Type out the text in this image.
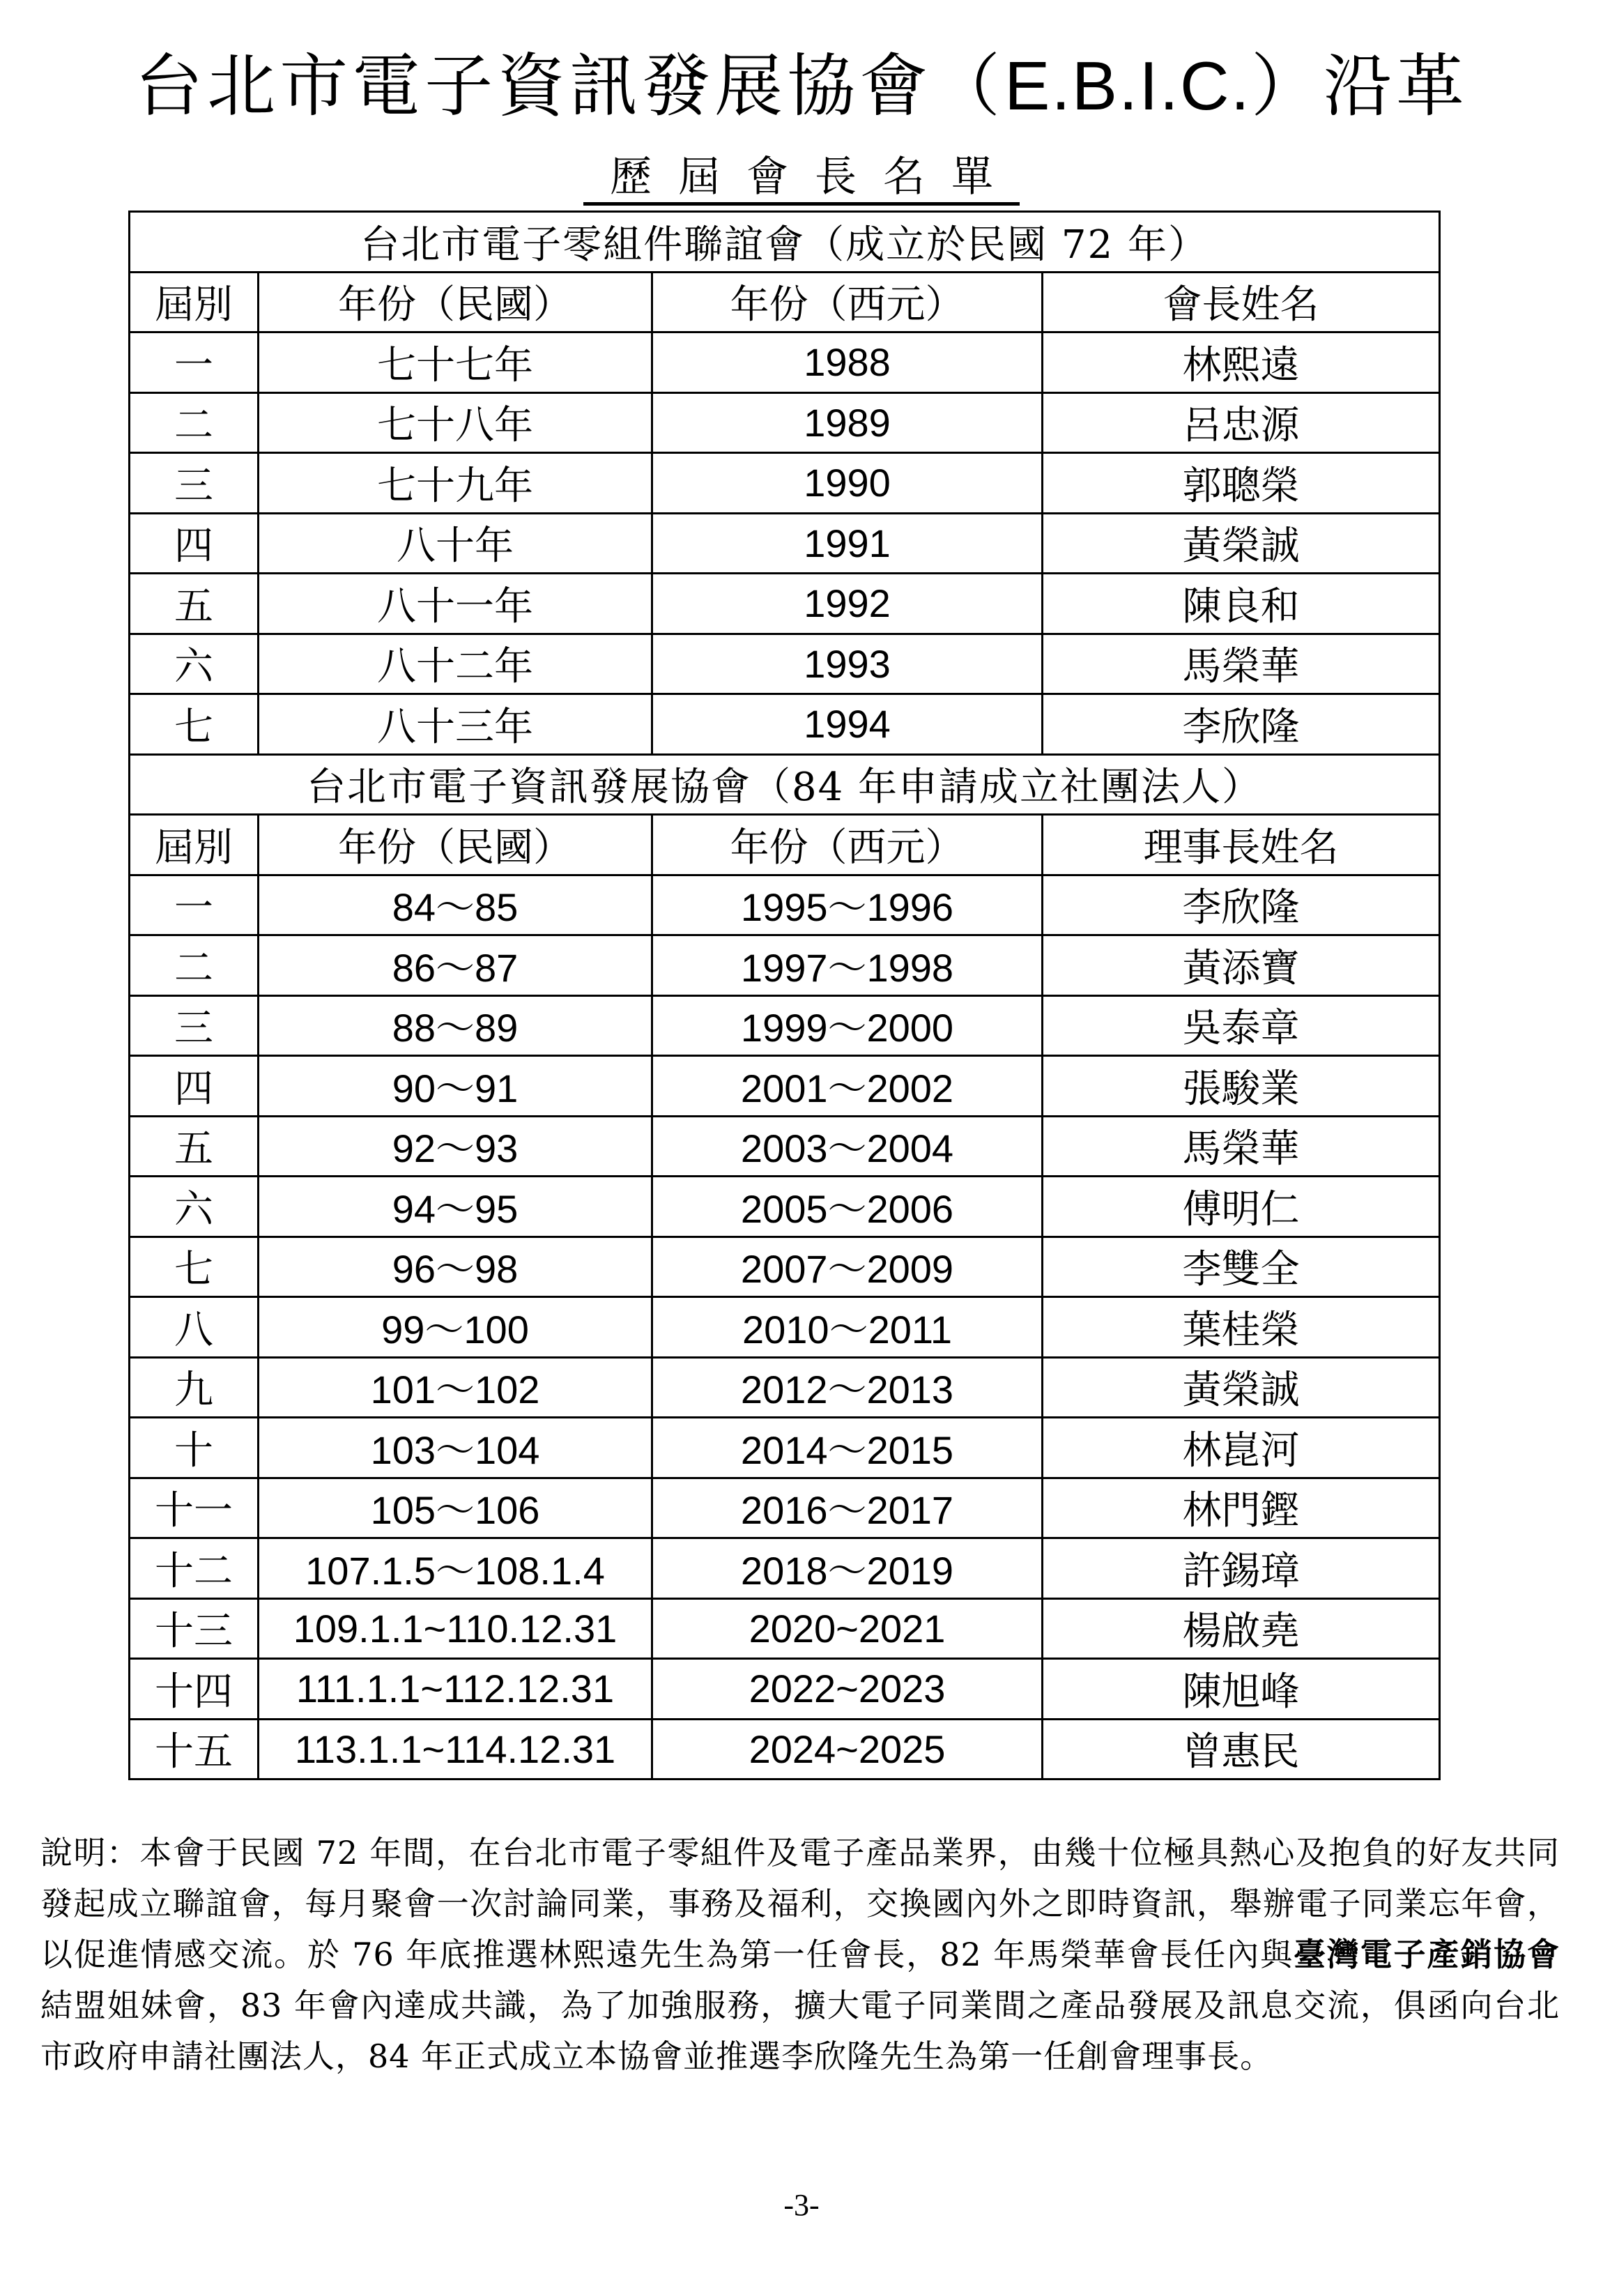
台北市電子資訊發展協會（E.B.I.C.）沿革
歷屆會長名單
台北市電子零組件聯誼會（成立於民國 72 年）			
屆別	年份（民國）	年份（西元）	會長姓名
一	七十七年	1988	林熙遠
二	七十八年	1989	呂忠源
三	七十九年	1990	郭聰榮
四	八十年	1991	黃榮誠
五	八十一年	1992	陳良和
六	八十二年	1993	馬榮華
七	八十三年	1994	李欣隆
台北市電子資訊發展協會（84 年申請成立社團法人）			
屆別	年份（民國）	年份（西元）	理事長姓名
一	84～85	1995～1996	李欣隆
二	86～87	1997～1998	黃添寶
三	88～89	1999～2000	吳泰章
四	90～91	2001～2002	張駿業
五	92～93	2003～2004	馬榮華
六	94～95	2005～2006	傅明仁
七	96～98	2007～2009	李雙全
八	99～100	2010～2011	葉桂榮
九	101～102	2012～2013	黃榮誠
十	103～104	2014～2015	林崑河
十一	105～106	2016～2017	林門鏗
十二	107.1.5～108.1.4	2018～2019	許錫璋
十三	109.1.1~110.12.31	2020~2021	楊啟堯
十四	111.1.1~112.12.31	2022~2023	陳旭峰
十五	113.1.1~114.12.31	2024~2025	曾惠民
說明：本會于民國 72 年間，在台北市電子零組件及電子產品業界，由幾十位極具熱心及抱負的好友共同發起成立聯誼會，每月聚會一次討論同業，事務及福利，交換國內外之即時資訊，舉辦電子同業忘年會，以促進情感交流。於 76 年底推選林熙遠先生為第一任會長，82 年馬榮華會長任內與臺灣電子產銷協會結盟姐妹會，83 年會內達成共識，為了加強服務，擴大電子同業間之產品發展及訊息交流，俱函向台北市政府申請社團法人，84 年正式成立本協會並推選李欣隆先生為第一任創會理事長。
-3-
